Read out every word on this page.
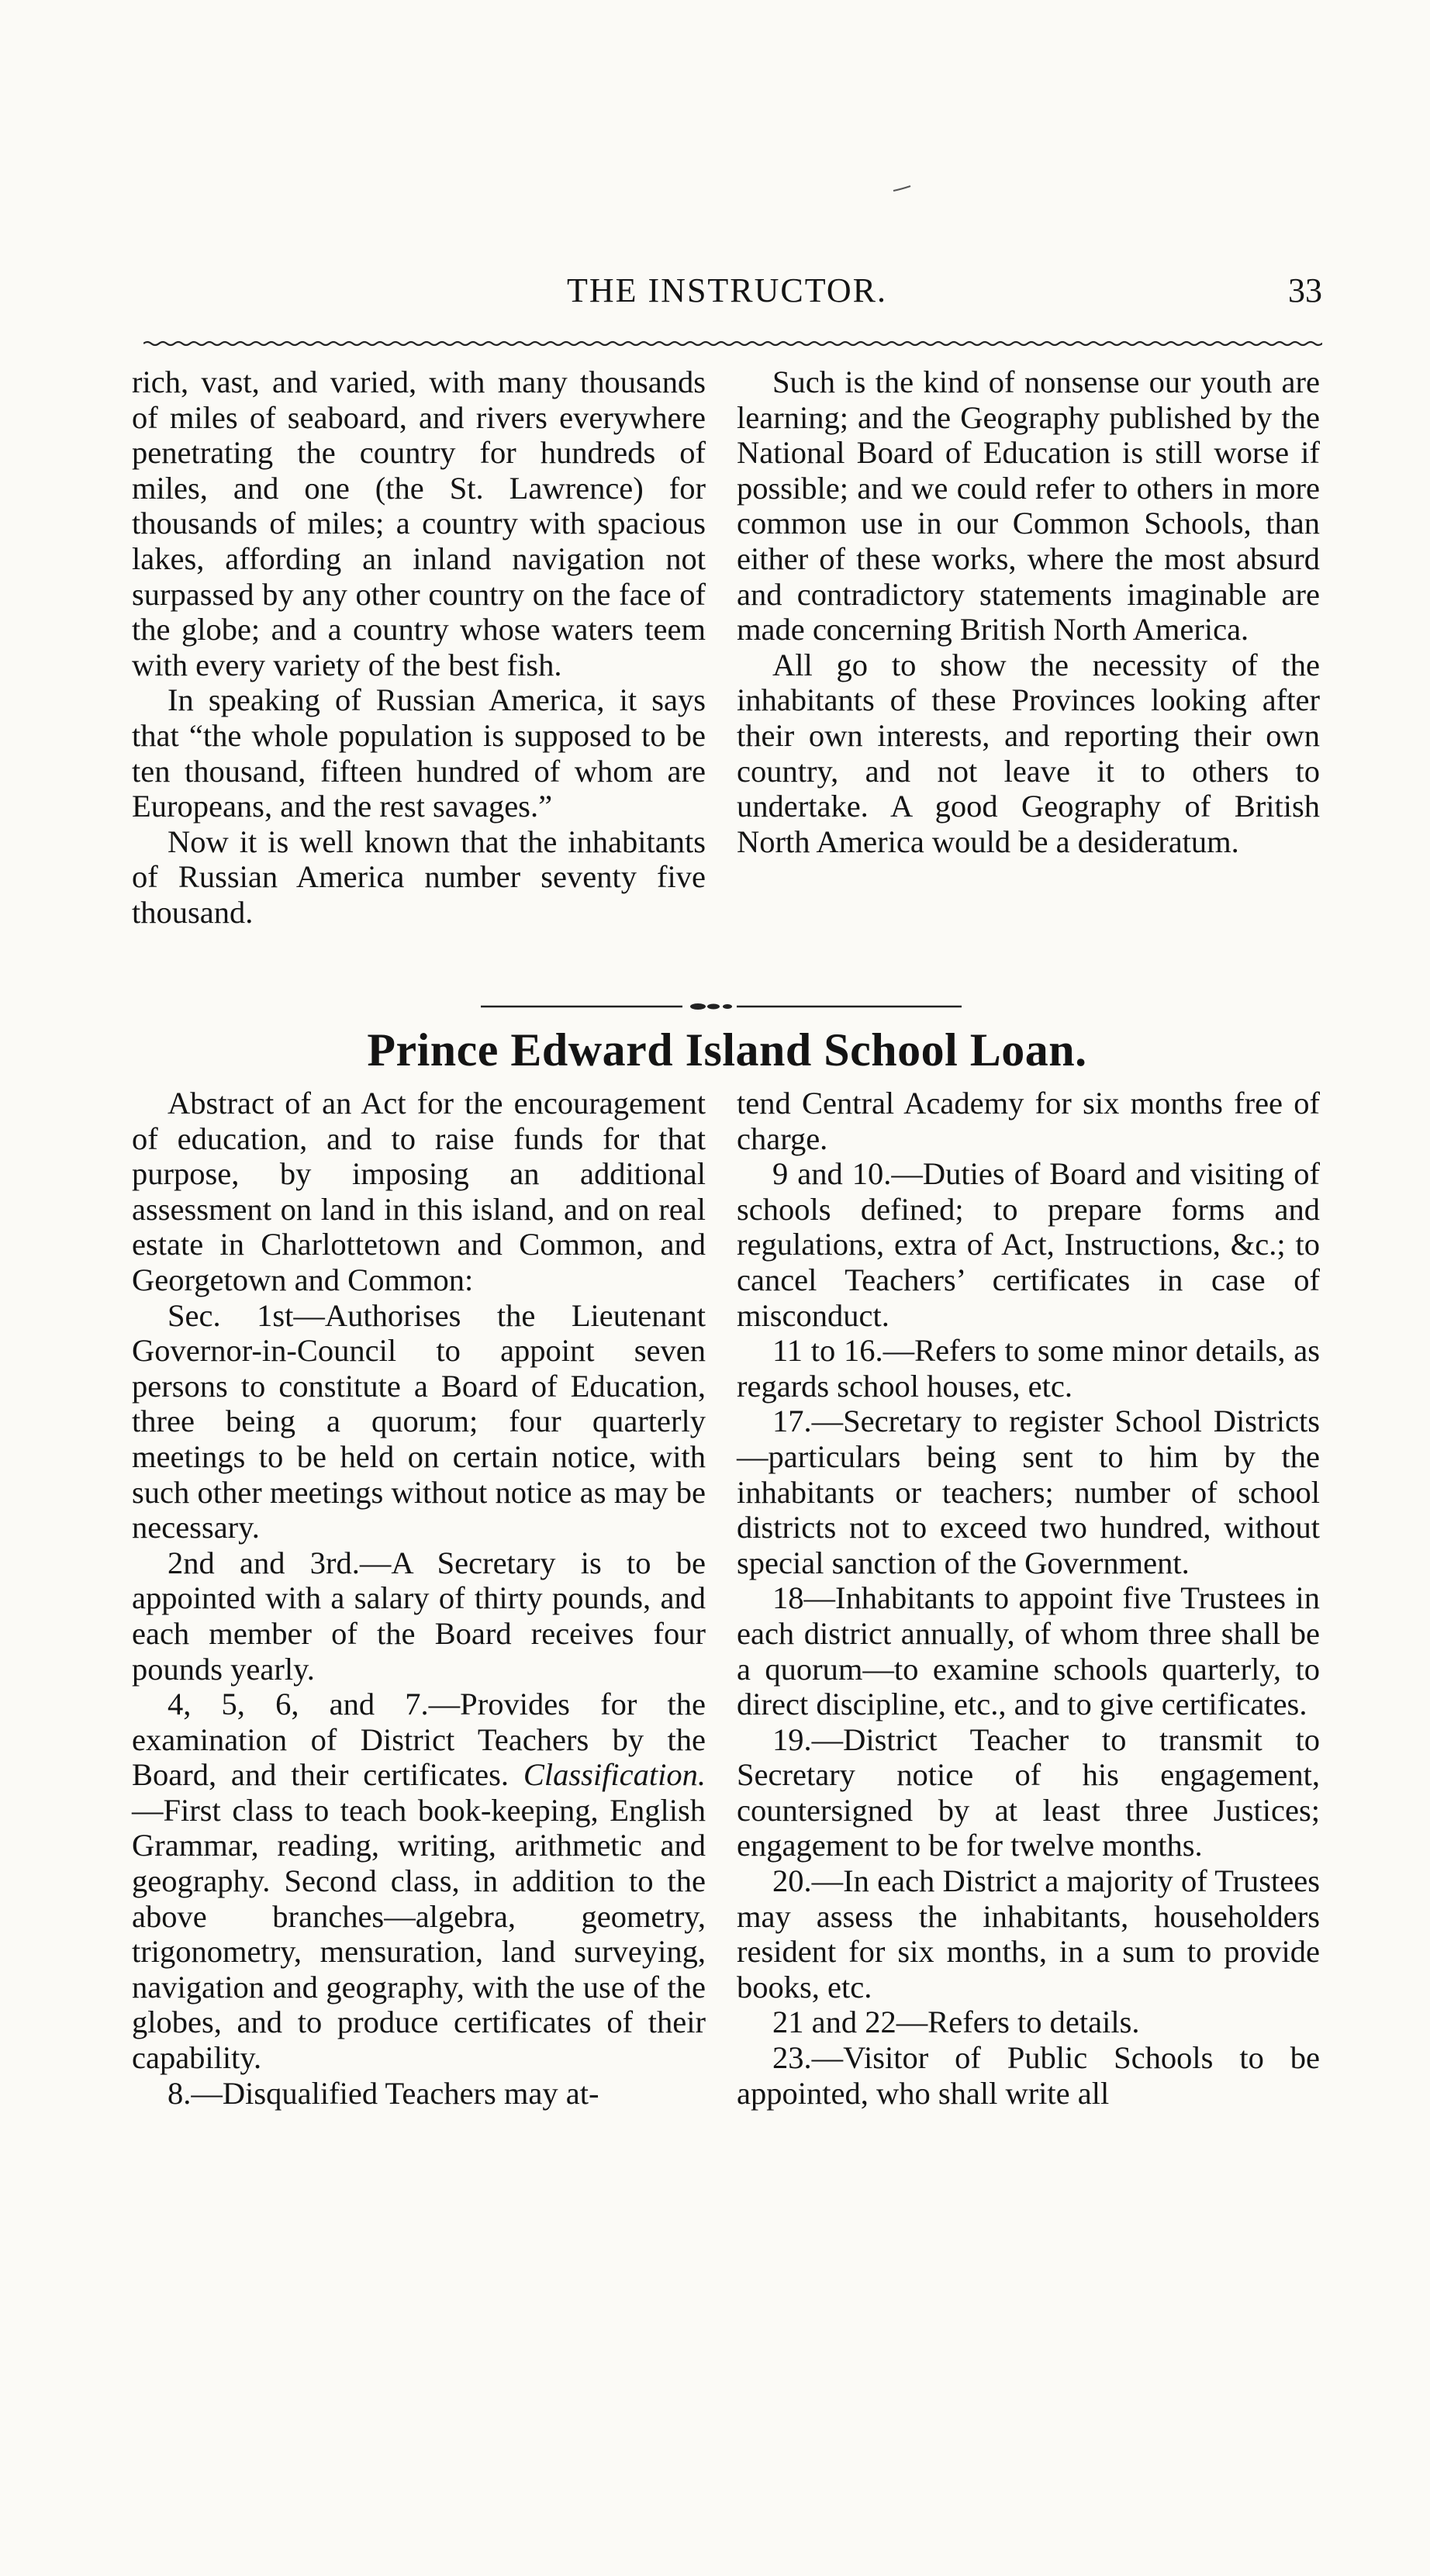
THE INSTRUCTOR.	33

rich, vast, and varied, with many thousands of miles of seaboard, and rivers everywhere penetrating the country for hundreds of miles, and one (the St. Lawrence) for thousands of miles; a country with spacious lakes, affording an inland navigation not surpassed by any other country on the face of the globe; and a country whose waters teem with every variety of the best fish.

In speaking of Russian America, it says that “the whole population is supposed to be ten thousand, fifteen hundred of whom are Europeans, and the rest savages.”

Now it is well known that the inhabitants of Russian America number seventy five thousand.

Such is the kind of nonsense our youth are learning; and the Geography published by the National Board of Education is still worse if possible; and we could refer to others in more common use in our Common Schools, than either of these works, where the most absurd and contradictory statements imaginable are made concerning British North America.

All go to show the necessity of the inhabitants of these Provinces looking after their own interests, and reporting their own country, and not leave it to others to undertake. A good Geography of British North America would be a desideratum.

Prince Edward Island School Loan.

Abstract of an Act for the encouragement of education, and to raise funds for that purpose, by imposing an additional assessment on land in this island, and on real estate in Charlottetown and Common, and Georgetown and Common:

Sec. 1st—Authorises the Lieutenant Governor-in-Council to appoint seven persons to constitute a Board of Education, three being a quorum; four quarterly meetings to be held on certain notice, with such other meetings without notice as may be necessary.

2nd and 3rd.—A Secretary is to be appointed with a salary of thirty pounds, and each member of the Board receives four pounds yearly.

4, 5, 6, and 7.—Provides for the examination of District Teachers by the Board, and their certificates. Classification.—First class to teach book-keeping, English Grammar, reading, writing, arithmetic and geography. Second class, in addition to the above branches—algebra, geometry, trigonometry, mensuration, land surveying, navigation and geography, with the use of the globes, and to produce certificates of their capability.

8.—Disqualified Teachers may at-

tend Central Academy for six months free of charge.

9 and 10.—Duties of Board and visiting of schools defined; to prepare forms and regulations, extra of Act, Instructions, &c.; to cancel Teachers’ certificates in case of misconduct.

11 to 16.—Refers to some minor details, as regards school houses, etc.

17.—Secretary to register School Districts—particulars being sent to him by the inhabitants or teachers; number of school districts not to exceed two hundred, without special sanction of the Government.

18—Inhabitants to appoint five Trustees in each district annually, of whom three shall be a quorum—to examine schools quarterly, to direct discipline, etc., and to give certificates.

19.—District Teacher to transmit to Secretary notice of his engagement, countersigned by at least three Justices; engagement to be for twelve months.

20.—In each District a majority of Trustees may assess the inhabitants, householders resident for six months, in a sum to provide books, etc.

21 and 22—Refers to details.

23.—Visitor of Public Schools to be appointed, who shall write all
